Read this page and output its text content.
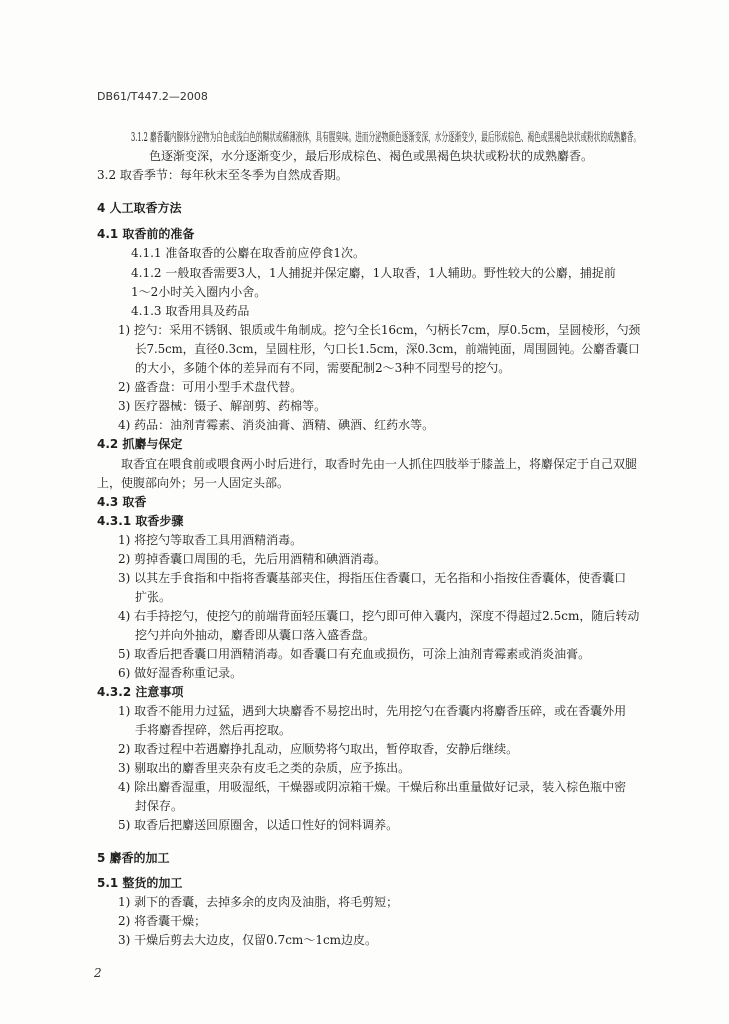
DB61/T447.2—2008
3.1.2 麝香囊内腺体分泌物为白色或浅白色的糊状或稀薄液体，具有腥臭味。进而分泌物颜色逐渐变深，水分逐渐变少，最后形成棕色、褐色或黑褐色块状或粉状的成熟麝香。
色逐渐变深，水分逐渐变少，最后形成棕色、褐色或黑褐色块状或粉状的成熟麝香。
3.2 取香季节：每年秋末至冬季为自然成香期。
4 人工取香方法
4.1 取香前的准备
4.1.1 准备取香的公麝在取香前应停食1次。
4.1.2 一般取香需要3人，1人捕捉并保定麝，1人取香，1人辅助。野性较大的公麝，捕捉前
1～2小时关入圈内小舍。
4.1.3 取香用具及药品
1) 挖勺：采用不锈钢、银质或牛角制成。挖勺全长16cm，勺柄长7cm，厚0.5cm，呈圆棱形，勺颈
长7.5cm，直径0.3cm，呈圆柱形，勺口长1.5cm，深0.3cm，前端钝面，周围圆钝。公麝香囊口
的大小，多随个体的差异而有不同，需要配制2～3种不同型号的挖勺。
2) 盛香盘：可用小型手术盘代替。
3) 医疗器械：镊子、解剖剪、药棉等。
4) 药品：油剂青霉素、消炎油膏、酒精、碘酒、红药水等。
4.2 抓麝与保定
取香宜在喂食前或喂食两小时后进行，取香时先由一人抓住四肢举于膝盖上，将麝保定于自己双腿
上，使腹部向外；另一人固定头部。
4.3 取香
4.3.1 取香步骤
1) 将挖勺等取香工具用酒精消毒。
2) 剪掉香囊口周围的毛，先后用酒精和碘酒消毒。
3) 以其左手食指和中指将香囊基部夹住，拇指压住香囊口，无名指和小指按住香囊体，使香囊口
扩张。
4) 右手持挖勺，使挖勺的前端背面轻压囊口，挖勺即可伸入囊内，深度不得超过2.5cm，随后转动
挖勺并向外抽动，麝香即从囊口落入盛香盘。
5) 取香后把香囊口用酒精消毒。如香囊口有充血或损伤，可涂上油剂青霉素或消炎油膏。
6) 做好湿香称重记录。
4.3.2 注意事项
1) 取香不能用力过猛，遇到大块麝香不易挖出时，先用挖勺在香囊内将麝香压碎，或在香囊外用
手将麝香捏碎，然后再挖取。
2) 取香过程中若遇麝挣扎乱动，应顺势将勺取出，暂停取香，安静后继续。
3) 剔取出的麝香里夹杂有皮毛之类的杂质，应予拣出。
4) 除出麝香湿重，用吸湿纸，干燥器或阴凉箱干燥。干燥后称出重量做好记录，装入棕色瓶中密
封保存。
5) 取香后把麝送回原圈舍，以适口性好的饲料调养。
5 麝香的加工
5.1 整货的加工
1) 剥下的香囊，去掉多余的皮肉及油脂，将毛剪短；
2) 将香囊干燥；
3) 干燥后剪去大边皮，仅留0.7cm～1cm边皮。
2
